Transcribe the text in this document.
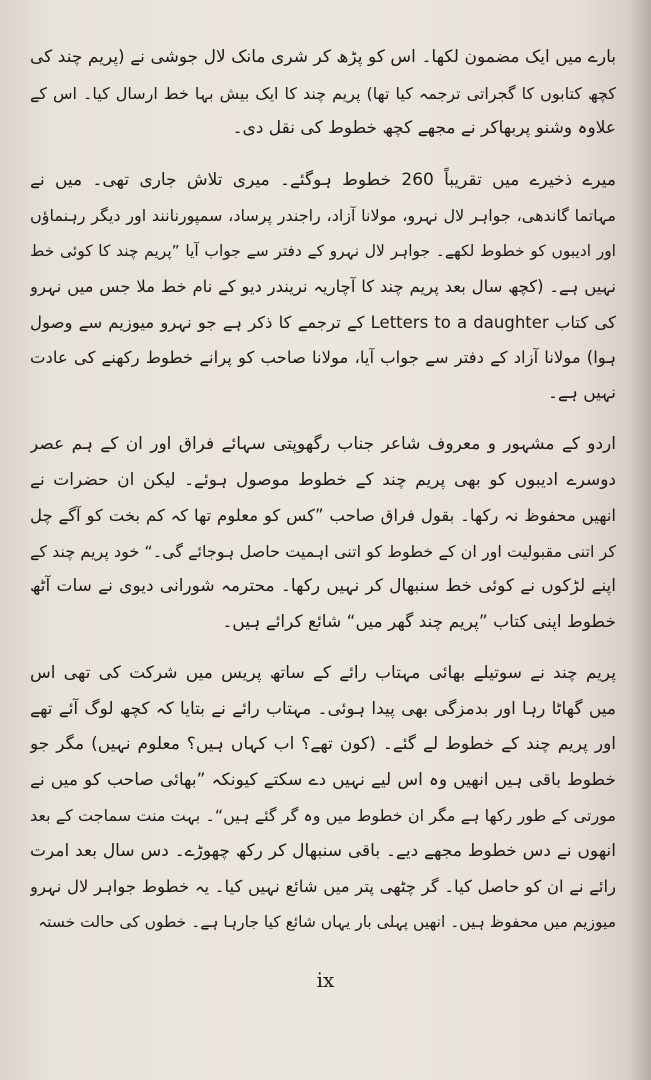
بارے میں ایک مضمون لکھا۔ اس کو پڑھ کر شری مانک لال جوشی نے (پریم چند کی
کچھ کتابوں کا گجراتی ترجمہ کیا تھا) پریم چند کا ایک بیش بہا خط ارسال کیا۔ اس کے
علاوہ وشنو پربھاکر نے مجھے کچھ خطوط کی نقل دی۔
میرے ذخیرے میں تقریباً 260 خطوط ہوگئے۔ میری تلاش جاری تھی۔ میں نے
مہاتما گاندھی، جواہر لال نہرو، مولانا آزاد، راجندر پرساد، سمپورنانند اور دیگر رہنماؤں
اور ادیبوں کو خطوط لکھے۔ جواہر لال نہرو کے دفتر سے جواب آیا ”پریم چند کا کوئی خط
نہیں ہے۔ (کچھ سال بعد پریم چند کا آچاریہ نریندر دیو کے نام خط ملا جس میں نہرو
کی کتاب Letters to a daughter کے ترجمے کا ذکر ہے جو نہرو میوزیم سے وصول
ہوا) مولانا آزاد کے دفتر سے جواب آیا، مولانا صاحب کو پرانے خطوط رکھنے کی عادت
نہیں ہے۔
اردو کے مشہور و معروف شاعر جناب رگھوپتی سہائے فراق اور ان کے ہم عصر
دوسرے ادیبوں کو بھی پریم چند کے خطوط موصول ہوئے۔ لیکن ان حضرات نے
انھیں محفوظ نہ رکھا۔ بقول فراق صاحب ”کس کو معلوم تھا کہ کم بخت کو آگے چل
کر اتنی مقبولیت اور ان کے خطوط کو اتنی اہمیت حاصل ہوجائے گی۔“ خود پریم چند کے
اپنے لڑکوں نے کوئی خط سنبھال کر نہیں رکھا۔ محترمہ شورانی دیوی نے سات آٹھ
خطوط اپنی کتاب ”پریم چند گھر میں“ شائع کرائے ہیں۔
پریم چند نے سوتیلے بھائی مہتاب رائے کے ساتھ پریس میں شرکت کی تھی اس
میں گھاٹا رہا اور بدمزگی بھی پیدا ہوئی۔ مہتاب رائے نے بتایا کہ کچھ لوگ آئے تھے
اور پریم چند کے خطوط لے گئے۔ (کون تھے؟ اب کہاں ہیں؟ معلوم نہیں) مگر جو
خطوط باقی ہیں انھیں وہ اس لیے نہیں دے سکتے کیونکہ ”بھائی صاحب کو میں نے
مورتی کے طور رکھا ہے مگر ان خطوط میں وہ گر گئے ہیں“۔ بہت منت سماجت کے بعد
انھوں نے دس خطوط مجھے دیے۔ باقی سنبھال کر رکھ چھوڑے۔ دس سال بعد امرت
رائے نے ان کو حاصل کیا۔ گر چٹھی پتر میں شائع نہیں کیا۔ یہ خطوط جواہر لال نہرو
میوزیم میں محفوظ ہیں۔ انھیں پہلی بار یہاں شائع کیا جارہا ہے۔ خطوں کی حالت خستہ
ix
